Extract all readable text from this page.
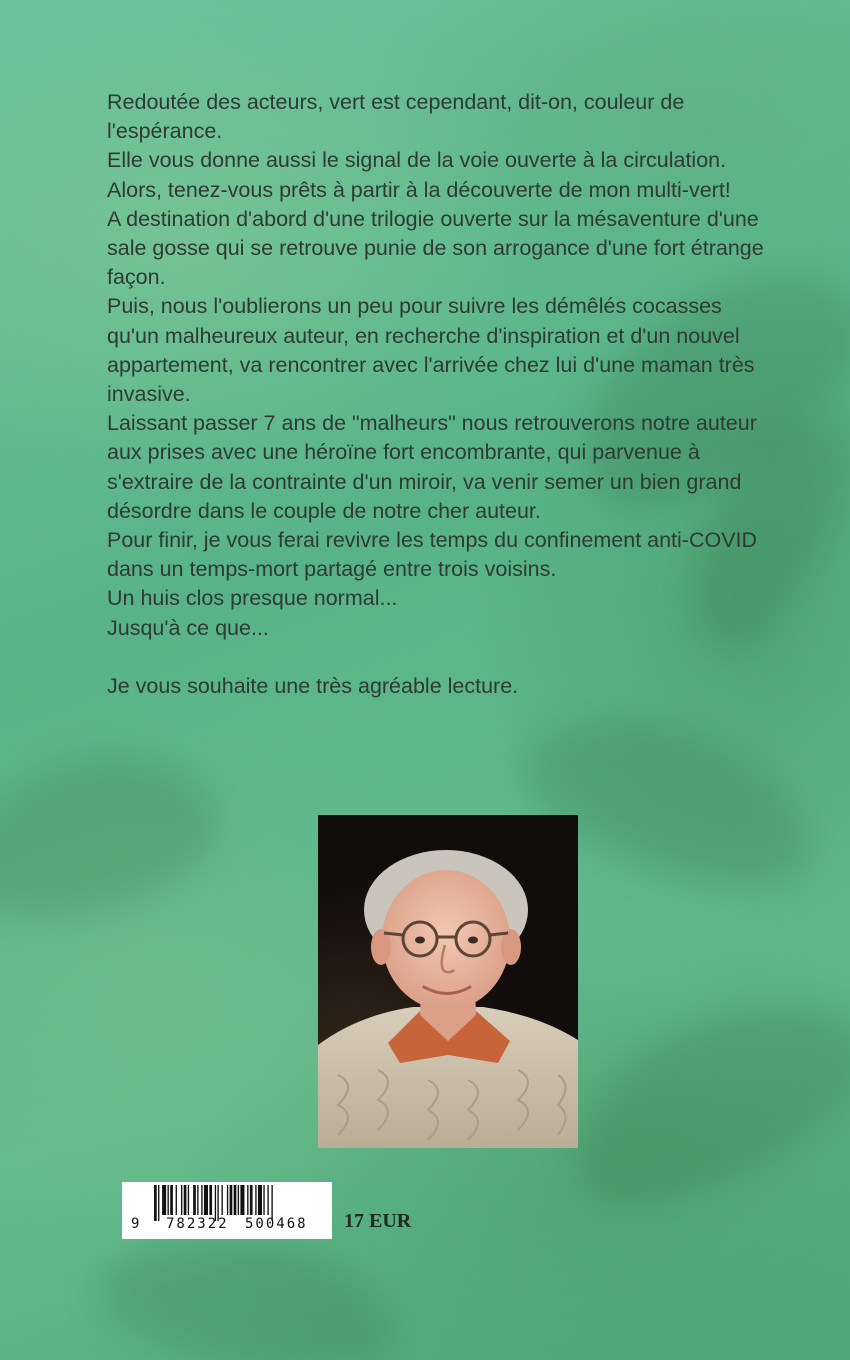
Redoutée des acteurs, vert est cependant, dit-on, couleur de l'espérance.

Elle vous donne aussi le signal de la voie ouverte à la circulation. Alors, tenez-vous prêts à partir à la découverte de mon multi-vert!

A destination d'abord d'une trilogie ouverte sur la mésaventure d'une sale gosse qui se retrouve punie de son arrogance d'une fort étrange façon.

Puis, nous l'oublierons un peu pour suivre les démêlés cocasses qu'un malheureux auteur, en recherche d'inspiration et d'un nouvel appartement, va rencontrer avec l'arrivée chez lui d'une maman très invasive.

Laissant passer 7 ans de "malheurs" nous retrouverons notre auteur aux prises avec une héroïne fort encombrante, qui parvenue à s'extraire de la contrainte d'un miroir, va venir semer un bien grand désordre dans le couple de notre cher auteur.

Pour finir, je vous ferai revivre les temps du confinement anti-COVID dans un temps-mort partagé entre trois voisins.

Un huis clos presque normal...

Jusqu'à ce que...

Je vous souhaite une très agréable lecture.

9 782322 500468 17 EUR
